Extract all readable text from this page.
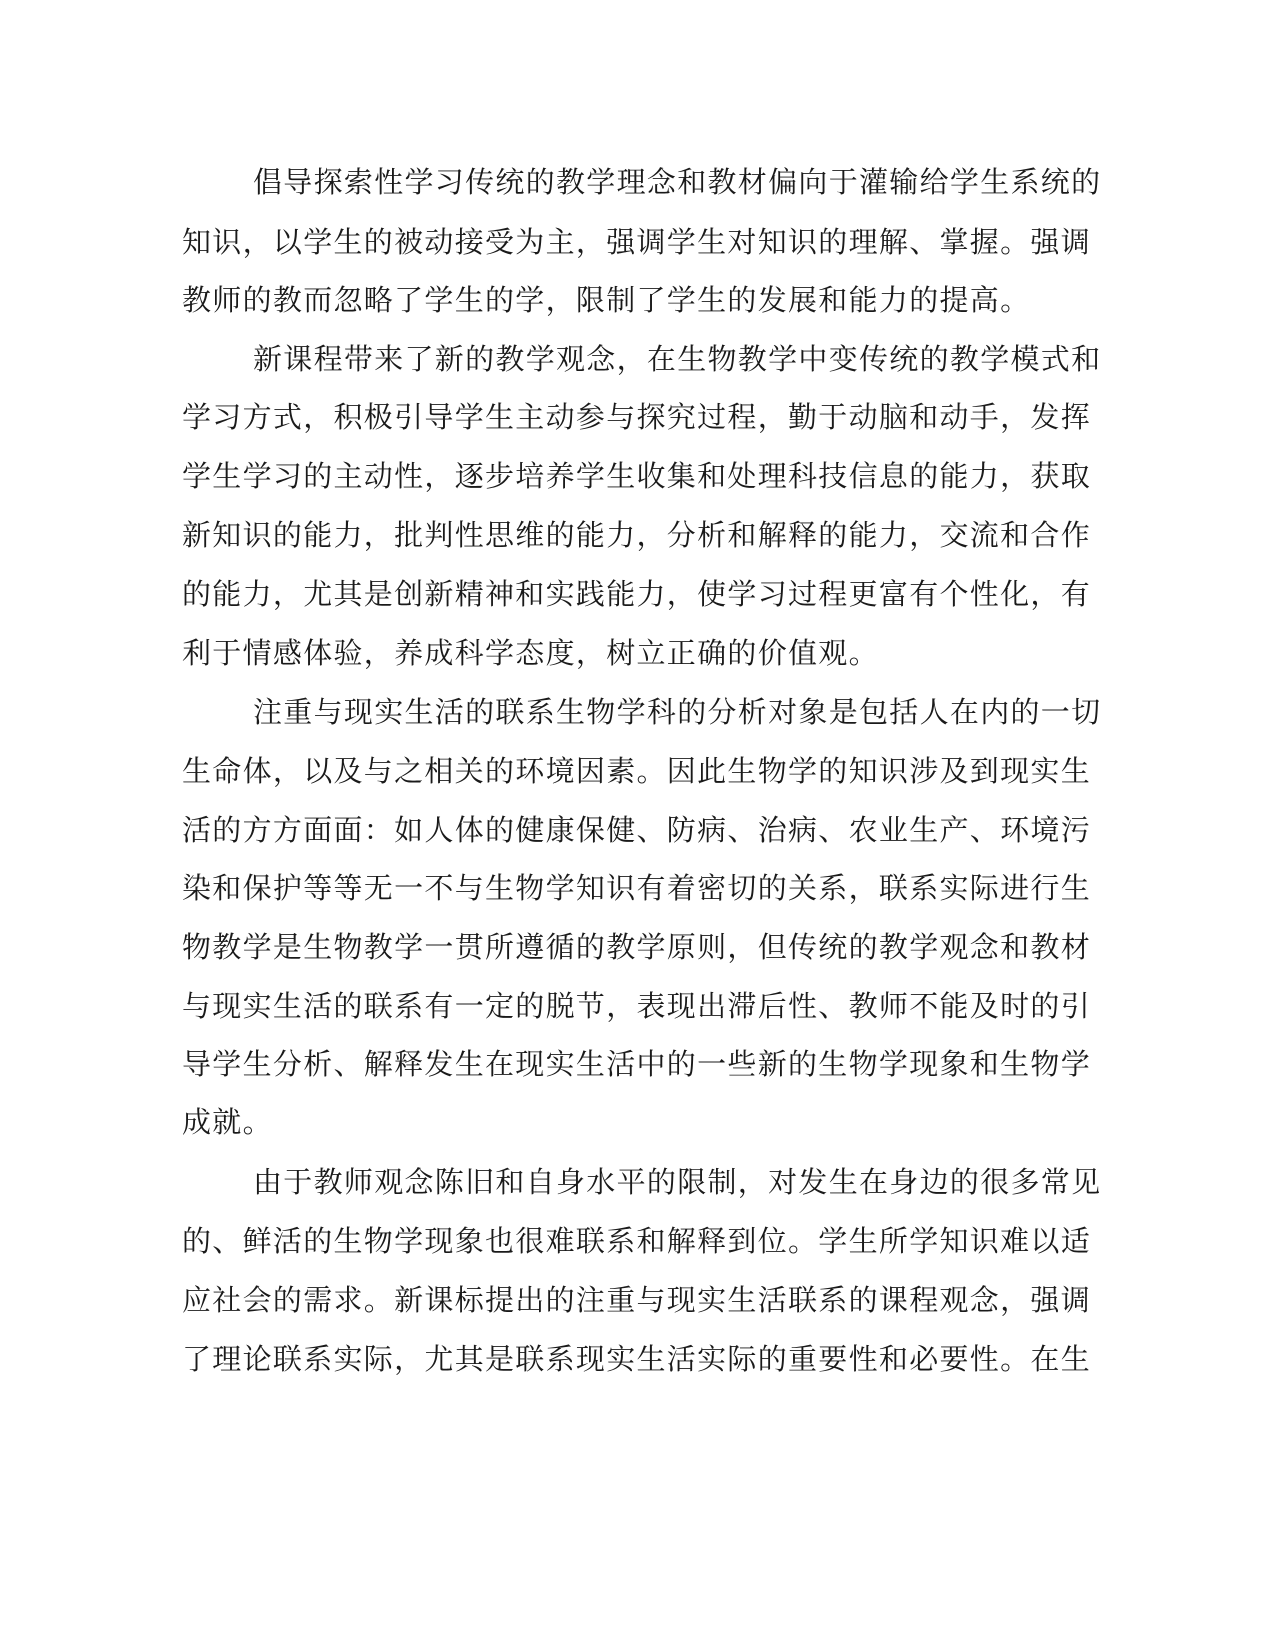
倡导探索性学习传统的教学理念和教材偏向于灌输给学生系统的
知识，以学生的被动接受为主，强调学生对知识的理解、掌握。强调
教师的教而忽略了学生的学，限制了学生的发展和能力的提高。
新课程带来了新的教学观念，在生物教学中变传统的教学模式和
学习方式，积极引导学生主动参与探究过程，勤于动脑和动手，发挥
学生学习的主动性，逐步培养学生收集和处理科技信息的能力，获取
新知识的能力，批判性思维的能力，分析和解释的能力，交流和合作
的能力，尤其是创新精神和实践能力，使学习过程更富有个性化，有
利于情感体验，养成科学态度，树立正确的价值观。
注重与现实生活的联系生物学科的分析对象是包括人在内的一切
生命体，以及与之相关的环境因素。因此生物学的知识涉及到现实生
活的方方面面：如人体的健康保健、防病、治病、农业生产、环境污
染和保护等等无一不与生物学知识有着密切的关系，联系实际进行生
物教学是生物教学一贯所遵循的教学原则，但传统的教学观念和教材
与现实生活的联系有一定的脱节，表现出滞后性、教师不能及时的引
导学生分析、解释发生在现实生活中的一些新的生物学现象和生物学
成就。
由于教师观念陈旧和自身水平的限制，对发生在身边的很多常见
的、鲜活的生物学现象也很难联系和解释到位。学生所学知识难以适
应社会的需求。新课标提出的注重与现实生活联系的课程观念，强调
了理论联系实际，尤其是联系现实生活实际的重要性和必要性。在生
